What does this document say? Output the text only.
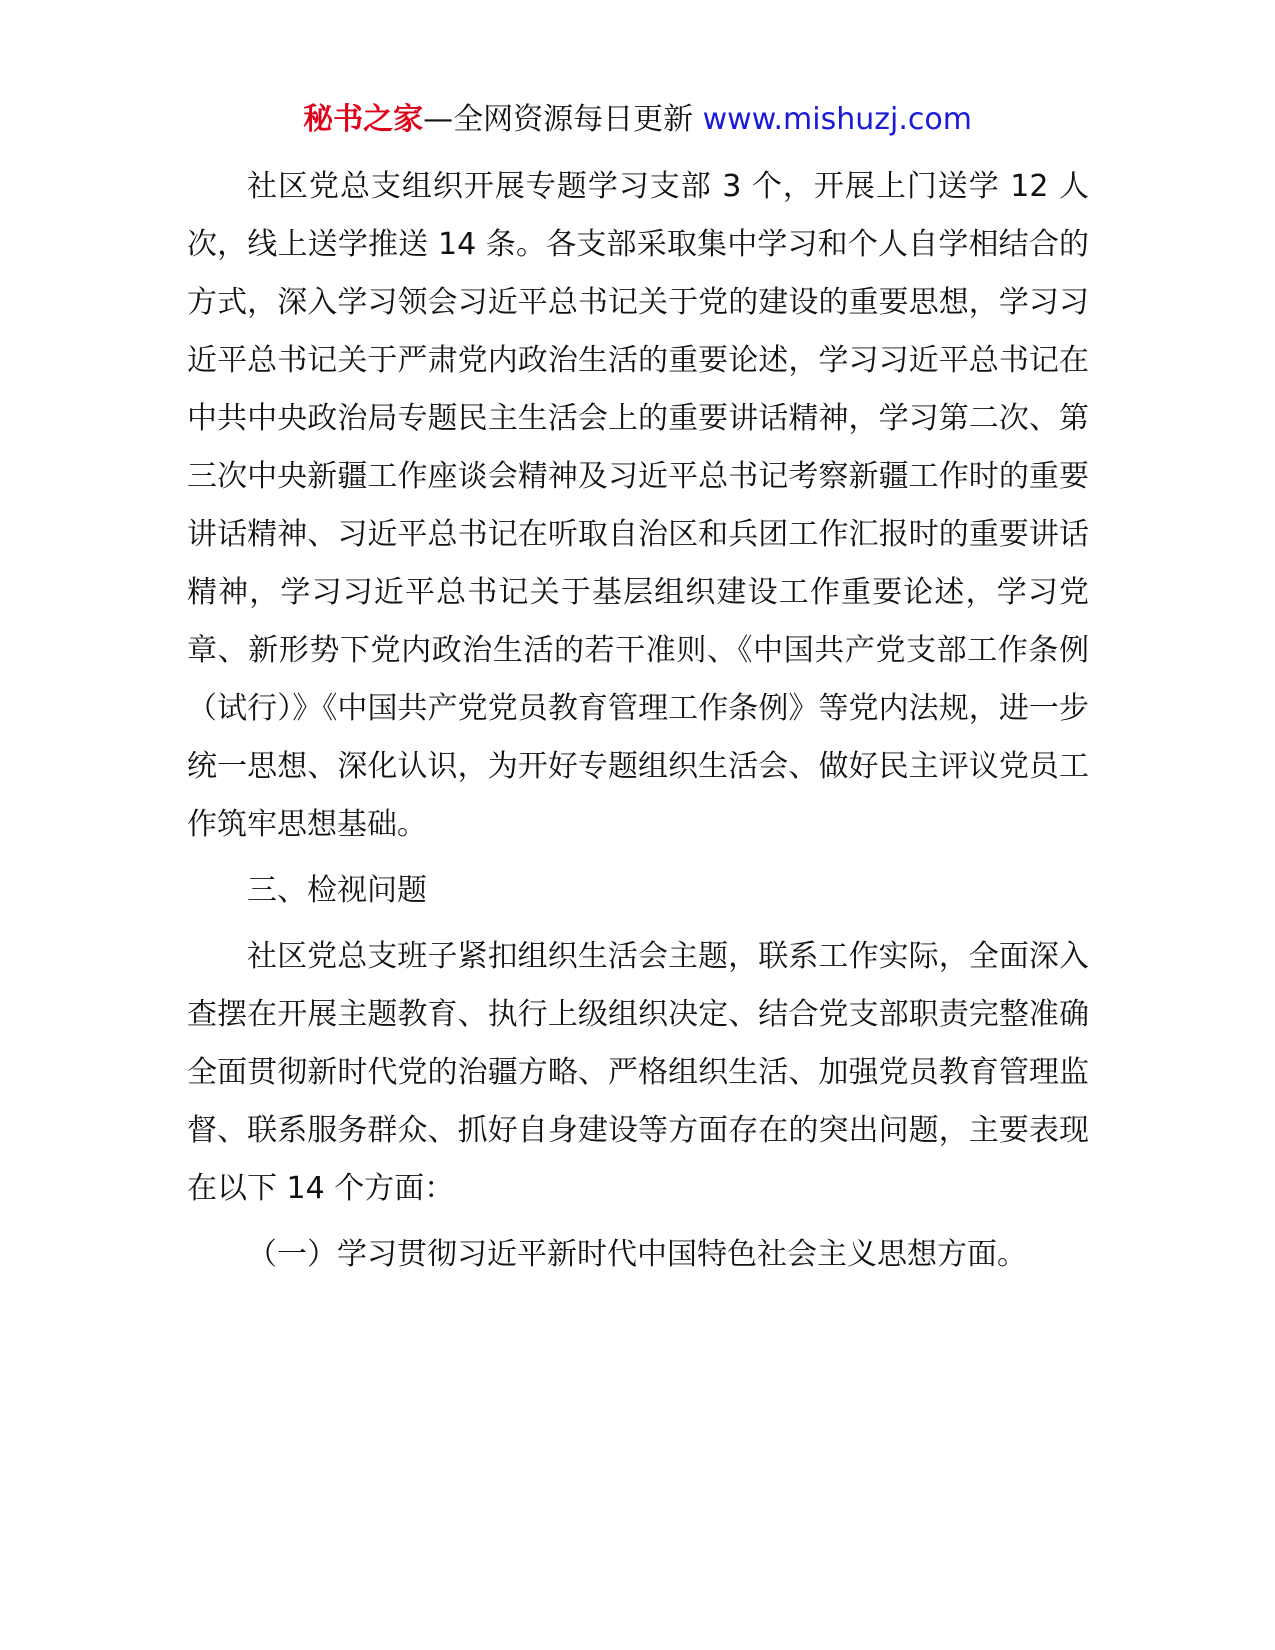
秘书之家—全网资源每日更新 www.mishuzj.com

社区党总支组织开展专题学习支部 3 个，开展上门送学 12 人次，线上送学推送 14 条。各支部采取集中学习和个人自学相结合的方式，深入学习领会习近平总书记关于党的建设的重要思想，学习习近平总书记关于严肃党内政治生活的重要论述，学习习近平总书记在中共中央政治局专题民主生活会上的重要讲话精神，学习第二次、第三次中央新疆工作座谈会精神及习近平总书记考察新疆工作时的重要讲话精神、习近平总书记在听取自治区和兵团工作汇报时的重要讲话精神，学习习近平总书记关于基层组织建设工作重要论述，学习党章、新形势下党内政治生活的若干准则、《中国共产党支部工作条例（试行）》《中国共产党党员教育管理工作条例》等党内法规，进一步统一思想、深化认识，为开好专题组织生活会、做好民主评议党员工作筑牢思想基础。

三、检视问题

社区党总支班子紧扣组织生活会主题，联系工作实际，全面深入查摆在开展主题教育、执行上级组织决定、结合党支部职责完整准确全面贯彻新时代党的治疆方略、严格组织生活、加强党员教育管理监督、联系服务群众、抓好自身建设等方面存在的突出问题，主要表现在以下 14 个方面：

（一）学习贯彻习近平新时代中国特色社会主义思想方面。
